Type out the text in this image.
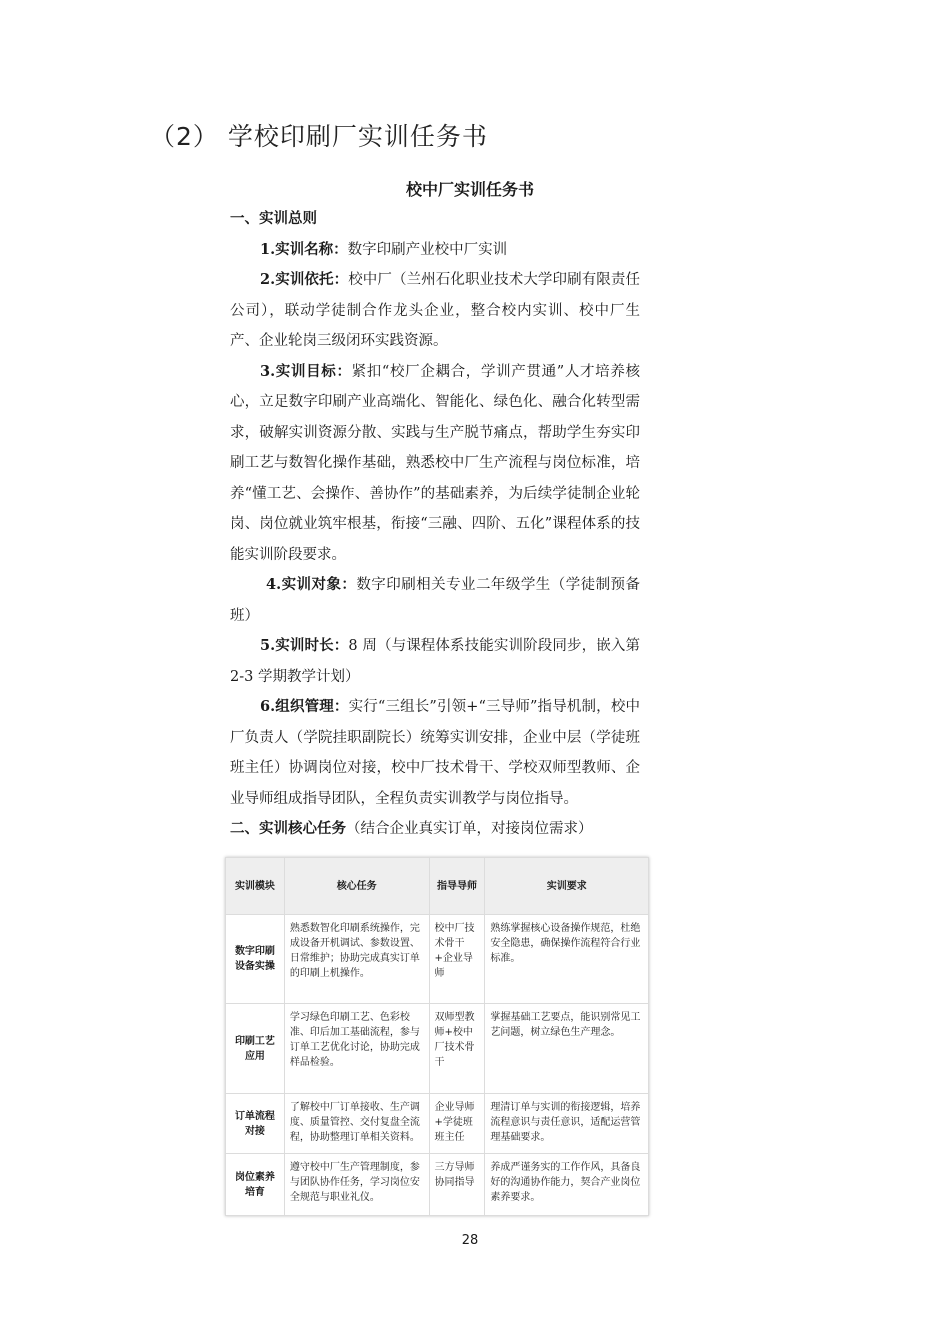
（2） 学校印刷厂实训任务书
校中厂实训任务书

一、实训总则

1.实训名称：数字印刷产业校中厂实训

2.实训依托：校中厂（兰州石化职业技术大学印刷有限责任公司），联动学徒制合作龙头企业，整合校内实训、校中厂生产、企业轮岗三级闭环实践资源。

3.实训目标：紧扣“校厂企耦合，学训产贯通”人才培养核心，立足数字印刷产业高端化、智能化、绿色化、融合化转型需求，破解实训资源分散、实践与生产脱节痛点，帮助学生夯实印刷工艺与数智化操作基础，熟悉校中厂生产流程与岗位标准，培养“懂工艺、会操作、善协作”的基础素养，为后续学徒制企业轮岗、岗位就业筑牢根基，衔接“三融、四阶、五化”课程体系的技能实训阶段要求。

4.实训对象：数字印刷相关专业二年级学生（学徒制预备班）

5.实训时长：8 周（与课程体系技能实训阶段同步，嵌入第 2-3 学期教学计划）

6.组织管理：实行“三组长”引领+“三导师”指导机制，校中厂负责人（学院挂职副院长）统筹实训安排，企业中层（学徒班班主任）协调岗位对接，校中厂技术骨干、学校双师型教师、企业导师组成指导团队，全程负责实训教学与岗位指导。

二、实训核心任务（结合企业真实订单，对接岗位需求）

实训模块	核心任务	指导导师	实训要求
数字印刷设备实操	熟悉数智化印刷系统操作，完成设备开机调试、参数设置、日常维护；协助完成真实订单的印刷上机操作。	校中厂技术骨干+企业导师	熟练掌握核心设备操作规范，杜绝安全隐患，确保操作流程符合行业标准。
印刷工艺应用	学习绿色印刷工艺、色彩校准、印后加工基础流程，参与订单工艺优化讨论，协助完成样品检验。	双师型教师+校中厂技术骨干	掌握基础工艺要点，能识别常见工艺问题，树立绿色生产理念。
订单流程对接	了解校中厂订单接收、生产调度、质量管控、交付复盘全流程，协助整理订单相关资料。	企业导师+学徒班班主任	理清订单与实训的衔接逻辑，培养流程意识与责任意识，适配运营管理基础要求。
岗位素养培育	遵守校中厂生产管理制度，参与团队协作任务，学习岗位安全规范与职业礼仪。	三方导师协同指导	养成严谨务实的工作作风，具备良好的沟通协作能力，契合产业岗位素养要求。
28
